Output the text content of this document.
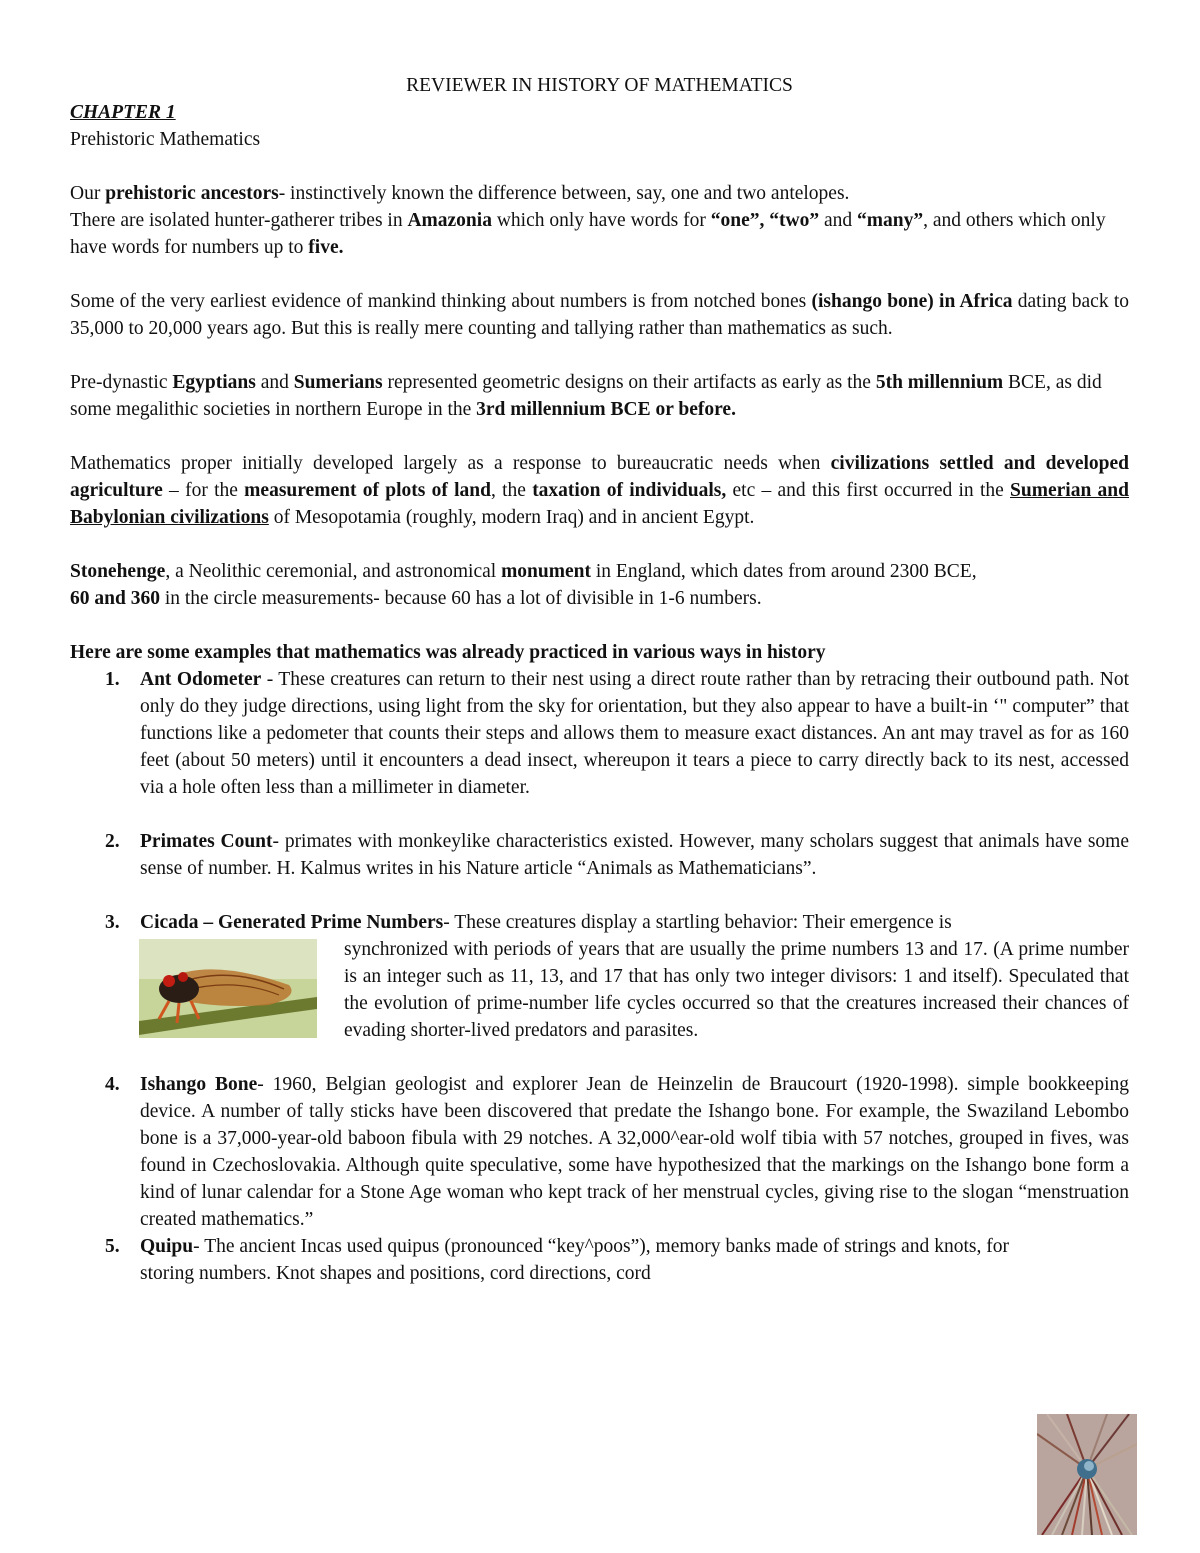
REVIEWER IN HISTORY OF MATHEMATICS

CHAPTER 1

Prehistoric Mathematics

Our prehistoric ancestors- instinctively known the difference between, say, one and two antelopes.

There are isolated hunter-gatherer tribes in Amazonia which only have words for “one”, “two” and “many”, and others which only have words for numbers up to five.

Some of the very earliest evidence of mankind thinking about numbers is from notched bones (ishango bone) in Africa dating back to 35,000 to 20,000 years ago. But this is really mere counting and tallying rather than mathematics as such.

Pre-dynastic Egyptians and Sumerians represented geometric designs on their artifacts as early as the 5th millennium BCE, as did some megalithic societies in northern Europe in the 3rd millennium BCE or before.

Mathematics proper initially developed largely as a response to bureaucratic needs when civilizations settled and developed agriculture – for the measurement of plots of land, the taxation of individuals, etc – and this first occurred in the Sumerian and Babylonian civilizations of Mesopotamia (roughly, modern Iraq) and in ancient Egypt.

Stonehenge, a Neolithic ceremonial, and astronomical monument in England, which dates from around 2300 BCE,

60 and 360 in the circle measurements- because 60 has a lot of divisible in 1-6 numbers.

Here are some examples that mathematics was already practiced in various ways in history

1. Ant Odometer - These creatures can return to their nest using a direct route rather than by retracing their outbound path. Not only do they judge directions, using light from the sky for orientation, but they also appear to have a built-in ‘" computer” that functions like a pedometer that counts their steps and allows them to measure exact distances. An ant may travel as for as 160 feet (about 50 meters) until it encounters a dead insect, whereupon it tears a piece to carry directly back to its nest, accessed via a hole often less than a millimeter in diameter.
2. Primates Count- primates with monkeylike characteristics existed. However, many scholars suggest that animals have some sense of number. H. Kalmus writes in his Nature article “Animals as Mathematicians”.
3. Cicada – Generated Prime Numbers- These creatures display a startling behavior: Their emergence is

synchronized with periods of years that are usually the prime numbers 13 and 17. (A prime number is an integer such as 11, 13, and 17 that has only two integer divisors: 1 and itself). Speculated that the evolution of prime-number life cycles occurred so that the creatures increased their chances of evading shorter-lived predators and parasites.
4. Ishango Bone- 1960, Belgian geologist and explorer Jean de Heinzelin de Braucourt (1920-1998). simple bookkeeping device. A number of tally sticks have been discovered that predate the Ishango bone. For example, the Swaziland Lebombo bone is a 37,000-year-old baboon fibula with 29 notches. A 32,000^ear-old wolf tibia with 57 notches, grouped in fives, was found in Czechoslovakia. Although quite speculative, some have hypothesized that the markings on the Ishango bone form a kind of lunar calendar for a Stone Age woman who kept track of her menstrual cycles, giving rise to the slogan “menstruation created mathematics.”
5. Quipu- The ancient Incas used quipus (pronounced “key^poos”), memory banks made of strings and knots, for storing numbers. Knot shapes and positions, cord directions, cord
